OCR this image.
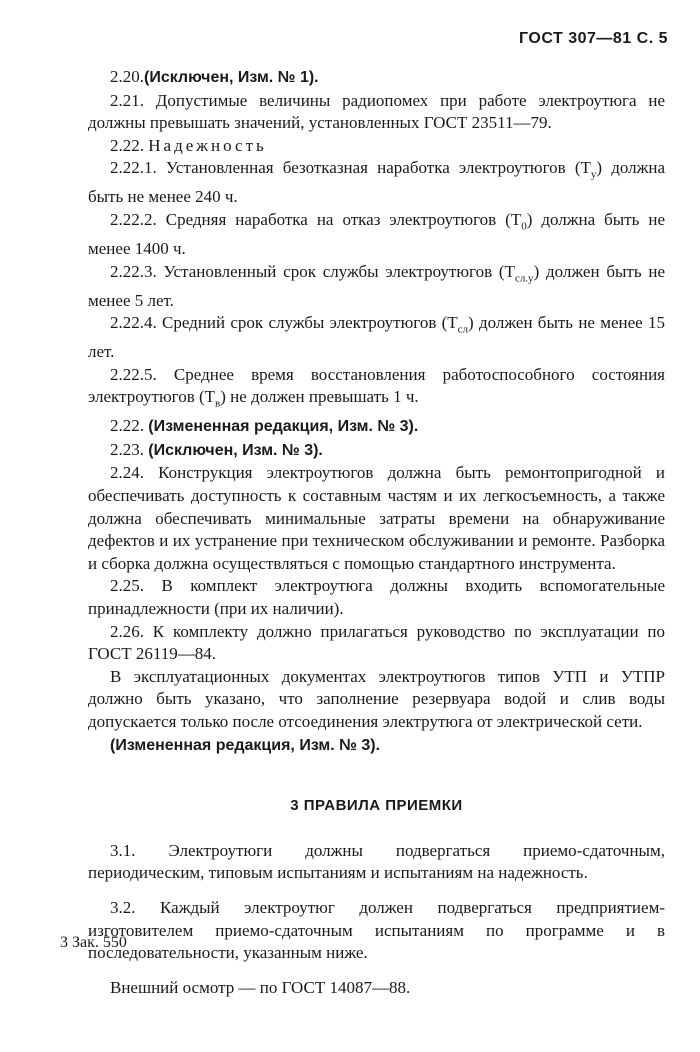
ГОСТ 307—81 С. 5

2.20.(Исключен, Изм. № 1).

2.21. Допустимые величины радиопомех при работе электроутюга не должны превышать значений, установленных ГОСТ 23511—79.

2.22. Надежность

2.22.1. Установленная безотказная наработка электроутюгов $(T_у)$ должна быть не менее 240 ч.

2.22.2. Средняя наработка на отказ электроутюгов $(T_0)$ должна быть не менее 1400 ч.

2.22.3. Установленный срок службы электроутюгов $(T_{сл.у})$ должен быть не менее 5 лет.

2.22.4. Средний срок службы электроутюгов $(T_{сл})$ должен быть не менее 15 лет.

2.22.5. Среднее время восстановления работоспособного состояния электроутюгов $(T_в)$ не должен превышать 1 ч.

2.22. (Измененная редакция, Изм. № 3).

2.23. (Исключен, Изм. № 3).

2.24. Конструкция электроутюгов должна быть ремонтопригодной и обеспечивать доступность к составным частям и их легкосъемность, а также должна обеспечивать минимальные затраты времени на обнаруживание дефектов и их устранение при техническом обслуживании и ремонте. Разборка и сборка должна осуществляться с помощью стандартного инструмента.

2.25. В комплект электроутюга должны входить вспомогательные принадлежности (при их наличии).

2.26. К комплекту должно прилагаться руководство по эксплуатации по ГОСТ 26119—84.

В эксплуатационных документах электроутюгов типов УТП и УТПР должно быть указано, что заполнение резервуара водой и слив воды допускается только после отсоединения электрутюга от электрической сети.

(Измененная редакция, Изм. № 3).

3 ПРАВИЛА ПРИЕМКИ

3.1. Электроутюги должны подвергаться приемо-сдаточным, периодическим, типовым испытаниям и испытаниям на надежность.

3.2. Каждый электроутюг должен подвергаться предприятием-изготовителем приемо-сдаточным испытаниям по программе и в последовательности, указанным ниже.

Внешний осмотр — по ГОСТ 14087—88.

3 Зак. 550
